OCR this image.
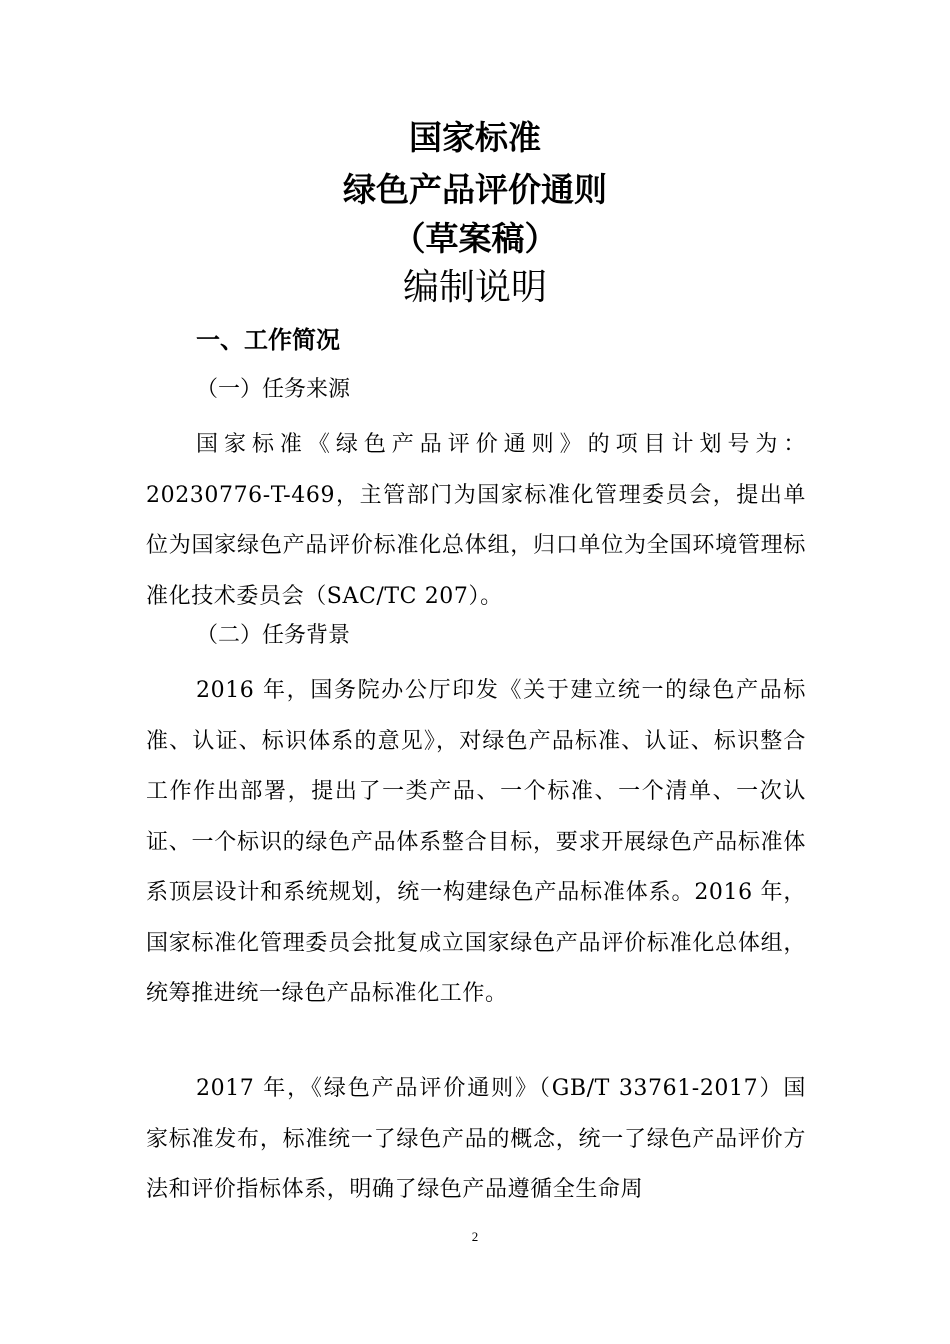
国家标准
绿色产品评价通则
（草案稿）
编制说明
一、工作简况
（一）任务来源

国家标准《绿色产品评价通则》的项目计划号为：20230776-T-469，主管部门为国家标准化管理委员会，提出单位为国家绿色产品评价标准化总体组，归口单位为全国环境管理标准化技术委员会（SAC/TC 207）。

（二）任务背景

2016 年，国务院办公厅印发《关于建立统一的绿色产品标准、认证、标识体系的意见》，对绿色产品标准、认证、标识整合工作作出部署，提出了一类产品、一个标准、一个清单、一次认证、一个标识的绿色产品体系整合目标，要求开展绿色产品标准体系顶层设计和系统规划，统一构建绿色产品标准体系。2016 年，国家标准化管理委员会批复成立国家绿色产品评价标准化总体组，统筹推进统一绿色产品标准化工作。

2017 年，《绿色产品评价通则》（GB/T 33761-2017）国家标准发布，标准统一了绿色产品的概念，统一了绿色产品评价方法和评价指标体系，明确了绿色产品遵循全生命周

2
